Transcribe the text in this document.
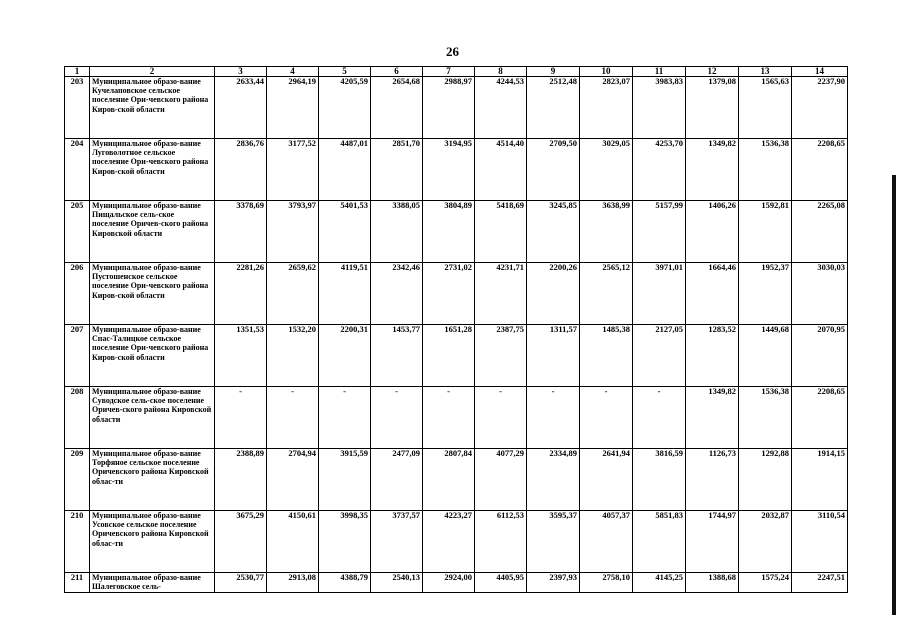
26
1	2	3	4	5	6	7	8	9	10	11	12	13	14
203	Муниципальное образо-вание Кучелаповское сельское поселение Ори-чевского района Киров-ской области	2633,44	2964,19	4205,59	2654,68	2988,97	4244,53	2512,48	2823,07	3983,83	1379,08	1565,63	2237,90
204	Муниципальное образо-вание Луговолотное сельское поселение Ори-чевского района Киров-ской области	2836,76	3177,52	4487,01	2851,70	3194,95	4514,40	2709,50	3029,05	4253,70	1349,82	1536,38	2208,65
205	Муниципальное образо-вание Пищальское сель-ское поселение Оричев-ского района Кировской области	3378,69	3793,97	5401,53	3388,05	3804,89	5418,69	3245,85	3638,99	5157,99	1406,26	1592,81	2265,08
206	Муниципальное образо-вание Пустошенское сельское поселение Ори-чевского района Киров-ской области	2281,26	2659,62	4119,51	2342,46	2731,02	4231,71	2200,26	2565,12	3971,01	1664,46	1952,37	3030,03
207	Муниципальное образо-вание Спас-Талицкое сельское поселение Ори-чевского района Киров-ской области	1351,53	1532,20	2200,31	1453,77	1651,28	2387,75	1311,57	1485,38	2127,05	1283,52	1449,68	2070,95
208	Муниципальное образо-вание Суводское сель-ское поселение Оричев-ского района Кировской области	-	-	-	-	-	-	-	-	-	1349,82	1536,38	2208,65
209	Муниципальное образо-вание Торфяное сельское поселение Оричевского района Кировской облас-ти	2388,89	2704,94	3915,59	2477,09	2807,84	4077,29	2334,89	2641,94	3816,59	1126,73	1292,88	1914,15
210	Муниципальное образо-вание Усовское сельское поселение Оричевского района Кировской облас-ти	3675,29	4150,61	3998,35	3737,57	4223,27	6112,53	3595,37	4057,37	5851,83	1744,97	2032,87	3110,54
211	Муниципальное образо-вание Шалеговское сель-	2530,77	2913,08	4388,79	2540,13	2924,00	4405,95	2397,93	2758,10	4145,25	1388,68	1575,24	2247,51
